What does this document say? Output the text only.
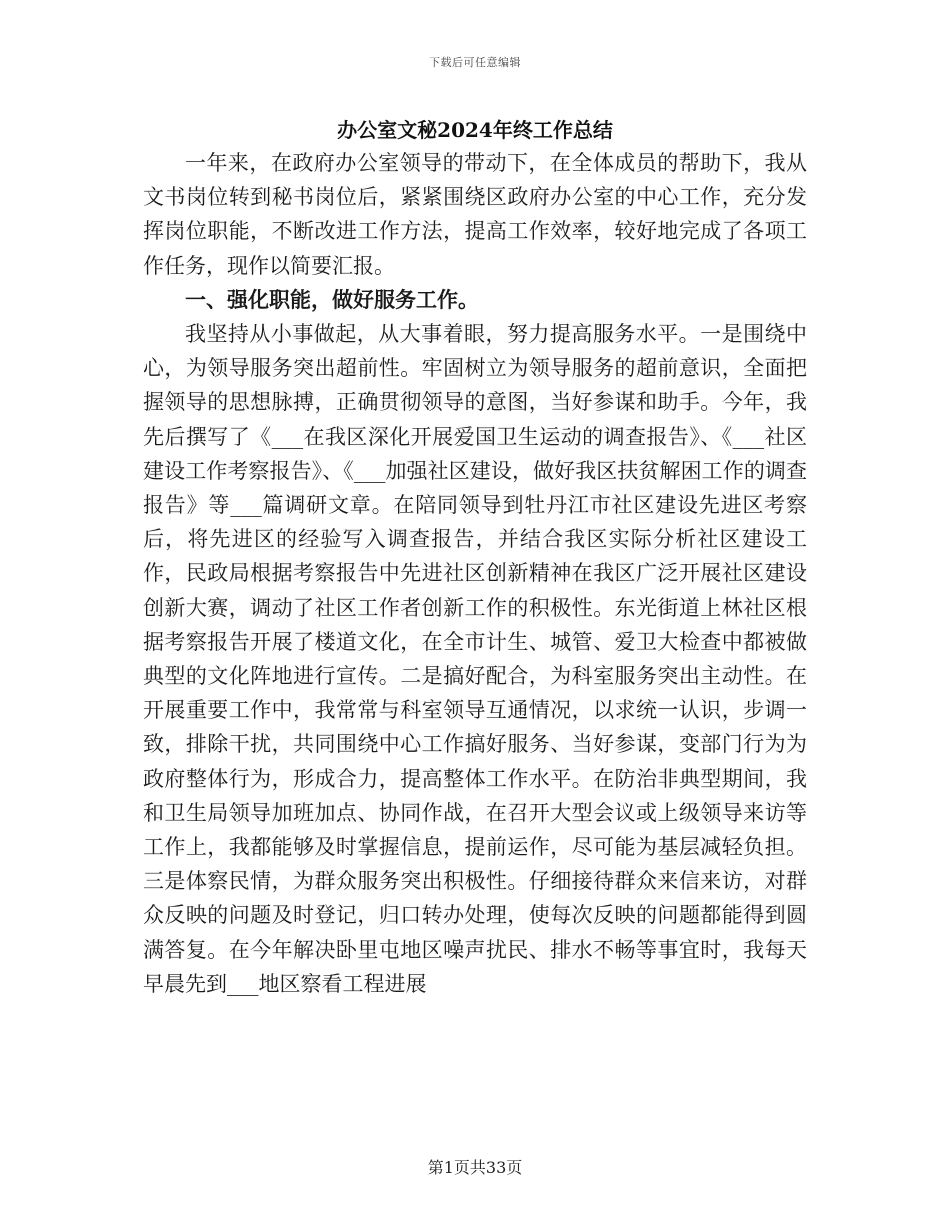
下载后可任意编辑
办公室文秘2024年终工作总结

一年来，在政府办公室领导的带动下，在全体成员的帮助下，我从文书岗位转到秘书岗位后，紧紧围绕区政府办公室的中心工作，充分发挥岗位职能，不断改进工作方法，提高工作效率，较好地完成了各项工作任务，现作以简要汇报。

一、强化职能，做好服务工作。

我坚持从小事做起，从大事着眼，努力提高服务水平。一是围绕中心，为领导服务突出超前性。牢固树立为领导服务的超前意识，全面把握领导的思想脉搏，正确贯彻领导的意图，当好参谋和助手。今年，我先后撰写了《___在我区深化开展爱国卫生运动的调查报告》、《___社区建设工作考察报告》、《___加强社区建设，做好我区扶贫解困工作的调查报告》等___篇调研文章。在陪同领导到牡丹江市社区建设先进区考察后，将先进区的经验写入调查报告，并结合我区实际分析社区建设工作，民政局根据考察报告中先进社区创新精神在我区广泛开展社区建设创新大赛，调动了社区工作者创新工作的积极性。东光街道上林社区根据考察报告开展了楼道文化，在全市计生、城管、爱卫大检查中都被做典型的文化阵地进行宣传。二是搞好配合，为科室服务突出主动性。在开展重要工作中，我常常与科室领导互通情况，以求统一认识，步调一致，排除干扰，共同围绕中心工作搞好服务、当好参谋，变部门行为为政府整体行为，形成合力，提高整体工作水平。在防治非典型期间，我和卫生局领导加班加点、协同作战，在召开大型会议或上级领导来访等工作上，我都能够及时掌握信息，提前运作，尽可能为基层减轻负担。三是体察民情，为群众服务突出积极性。仔细接待群众来信来访，对群众反映的问题及时登记，归口转办处理，使每次反映的问题都能得到圆满答复。在今年解决卧里屯地区噪声扰民、排水不畅等事宜时，我每天早晨先到___地区察看工程进展

第1页共33页
